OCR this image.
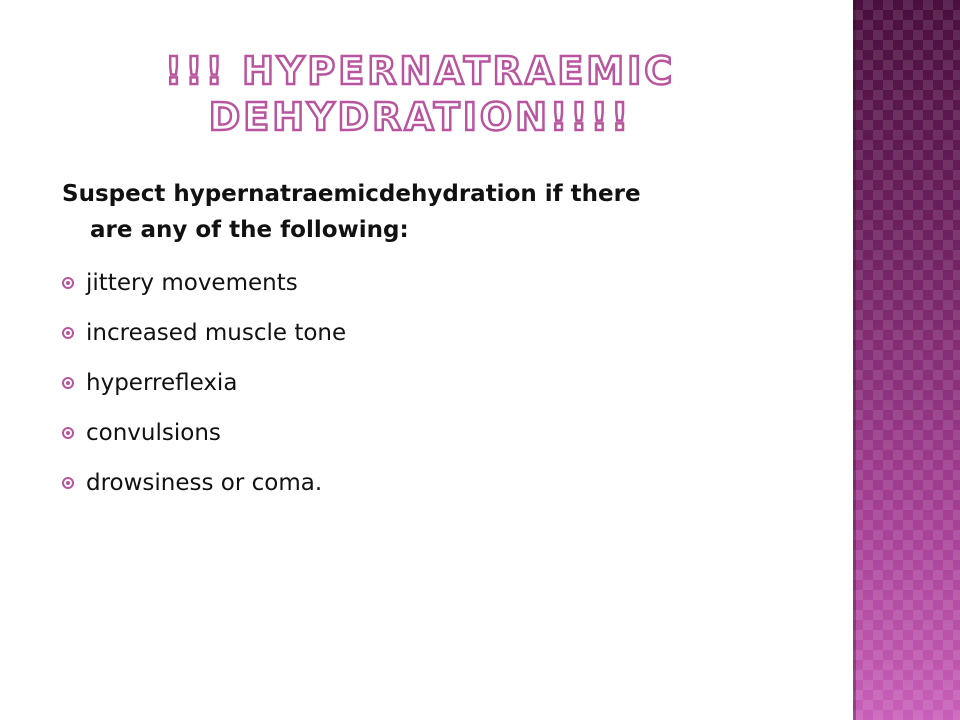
!!! HYPERNATRAEMIC
DEHYDRATION!!!!

Suspect hypernatraemicdehydration if there
are any of the following:

jittery movements
increased muscle tone
hyperreflexia
convulsions
drowsiness or coma.
